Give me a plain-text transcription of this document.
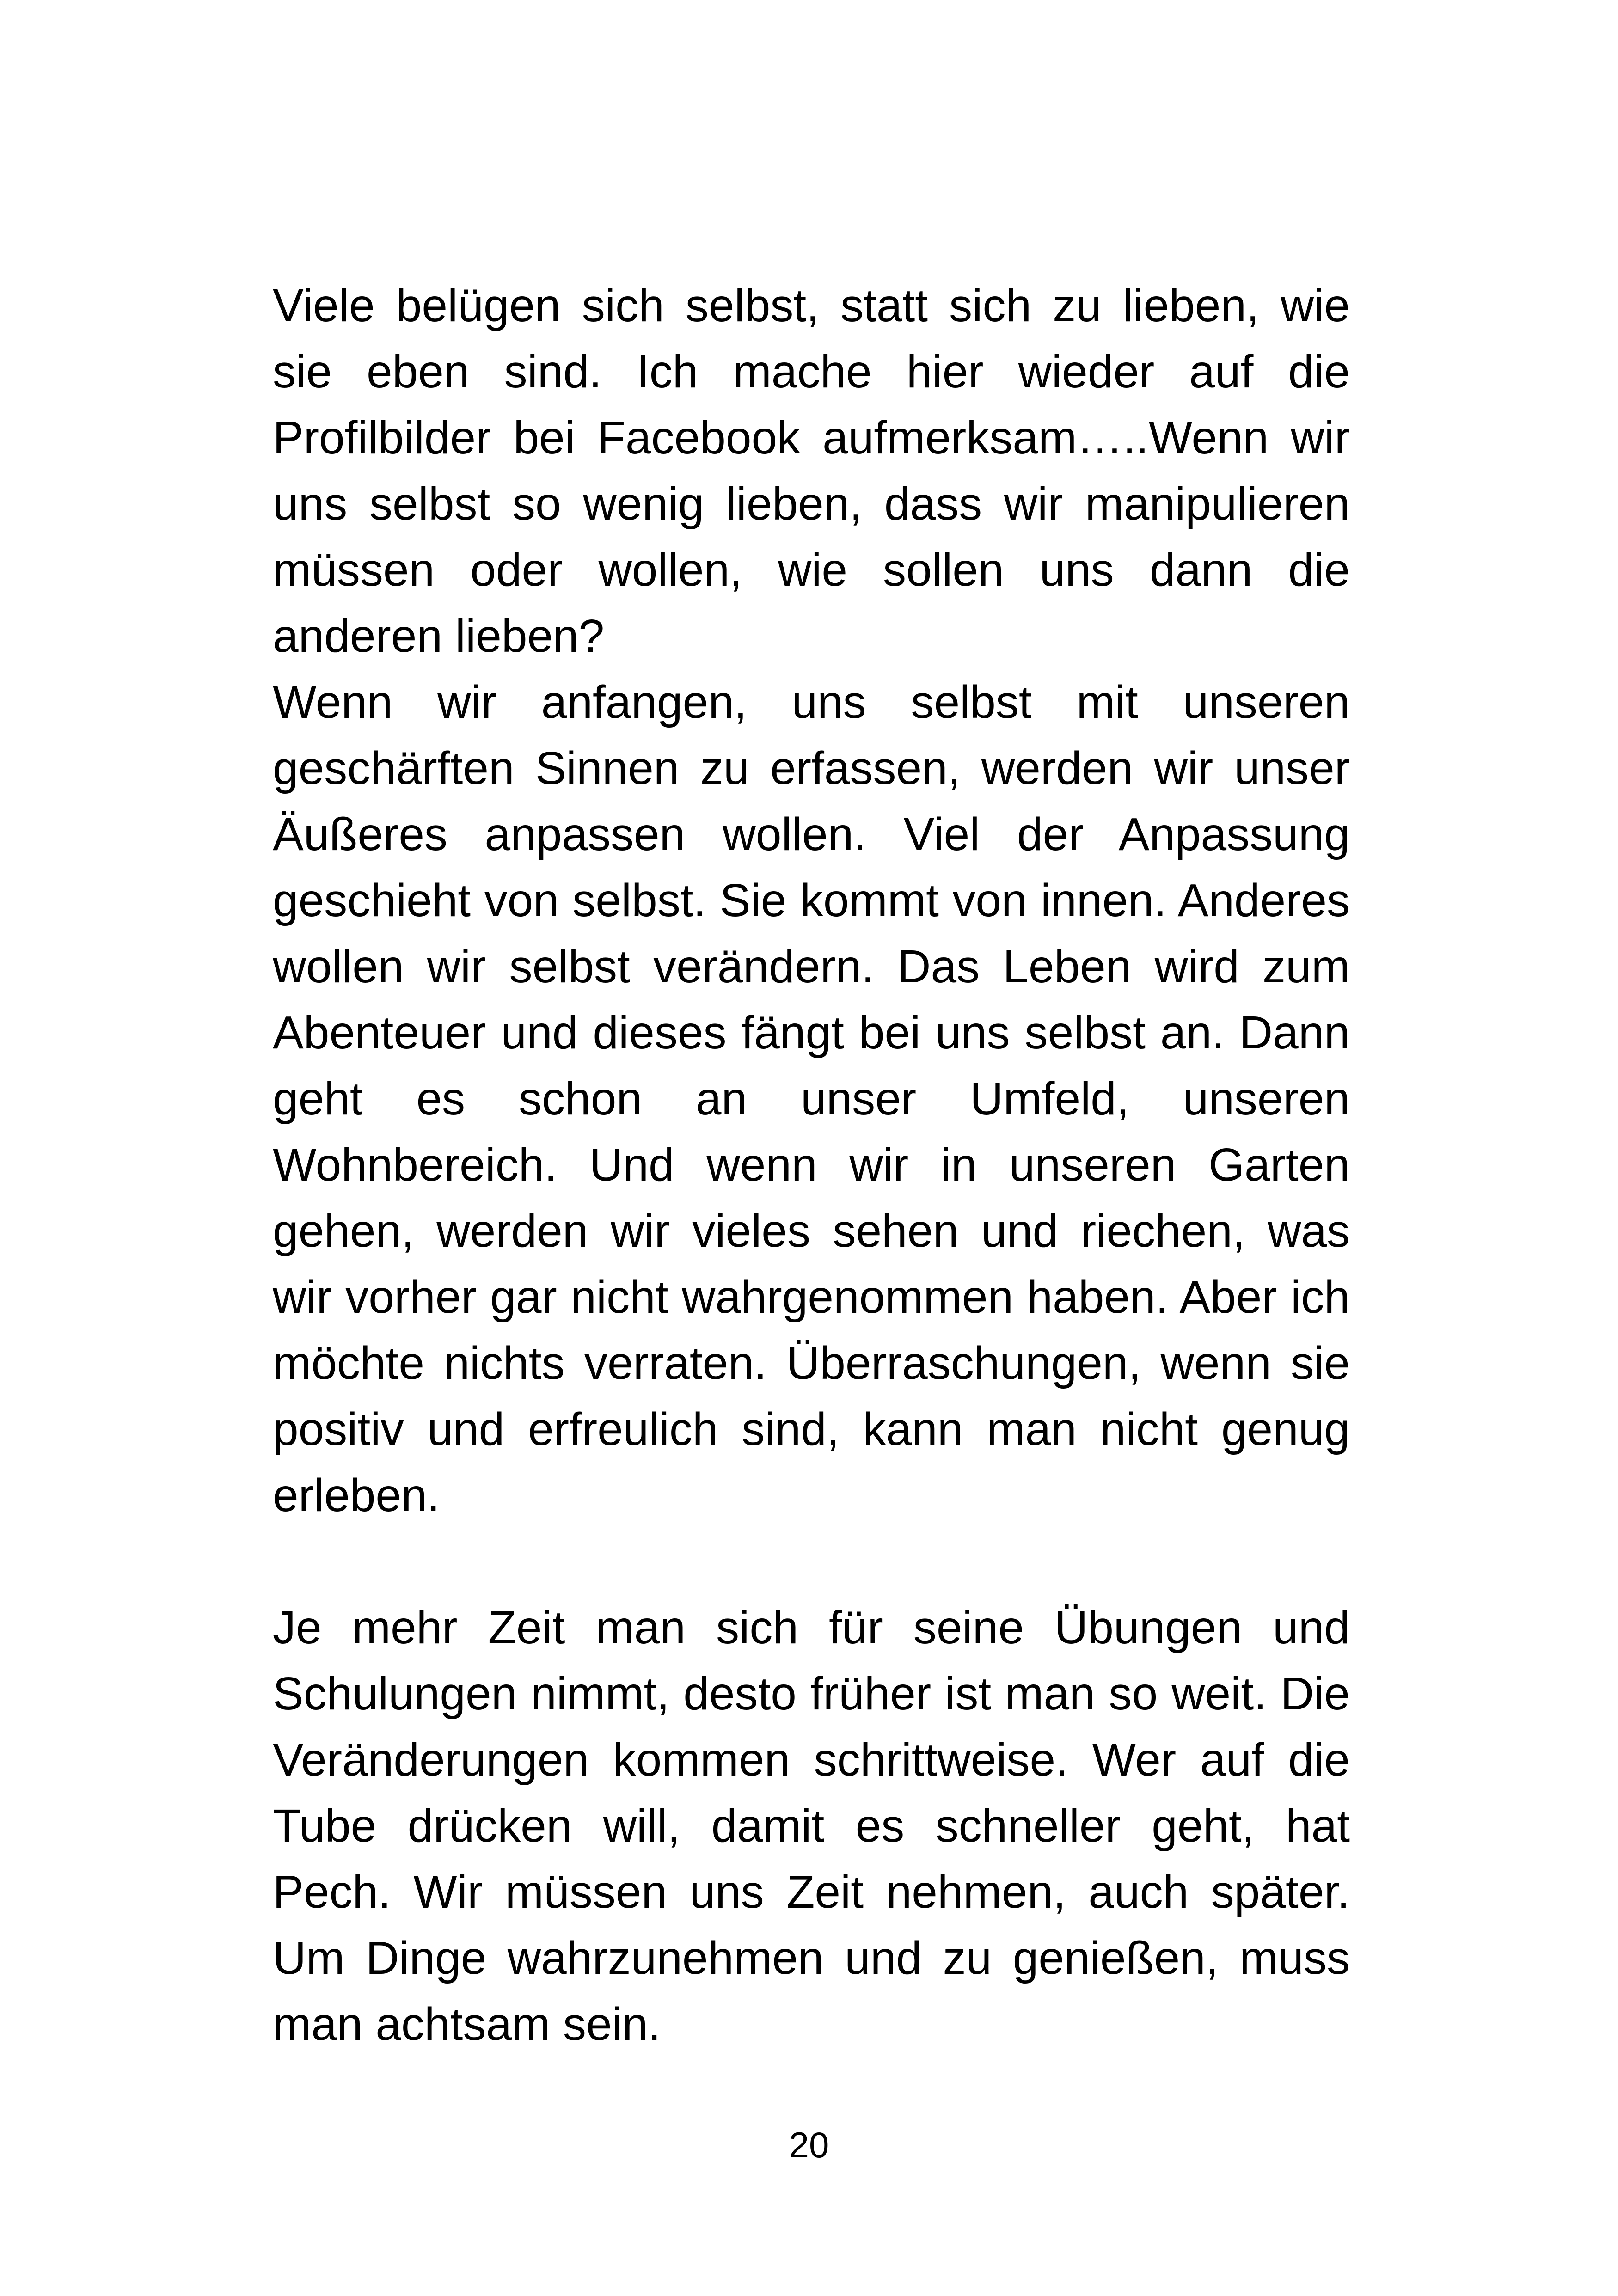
Viele belügen sich selbst, statt sich zu lieben, wie sie eben sind. Ich mache hier wieder auf die Profilbilder bei Facebook aufmerksam…..Wenn wir uns selbst so wenig lieben, dass wir manipulieren müssen oder wollen, wie sollen uns dann die anderen lieben?

Wenn wir anfangen, uns selbst mit unseren geschärften Sinnen zu erfassen, werden wir unser Äußeres anpassen wollen. Viel der Anpassung geschieht von selbst. Sie kommt von innen. Anderes wollen wir selbst verändern. Das Leben wird zum Abenteuer und dieses fängt bei uns selbst an. Dann geht es schon an unser Umfeld, unseren Wohnbereich. Und wenn wir in unseren Garten gehen, werden wir vieles sehen und riechen, was wir vorher gar nicht wahrgenommen haben. Aber ich möchte nichts verraten. Überraschungen, wenn sie positiv und erfreulich sind, kann man nicht genug erleben.

Je mehr Zeit man sich für seine Übungen und Schulungen nimmt, desto früher ist man so weit. Die Veränderungen kommen schrittweise. Wer auf die Tube drücken will, damit es schneller geht, hat Pech. Wir müssen uns Zeit nehmen, auch später. Um Dinge wahrzunehmen und zu genießen, muss man achtsam sein.

20
